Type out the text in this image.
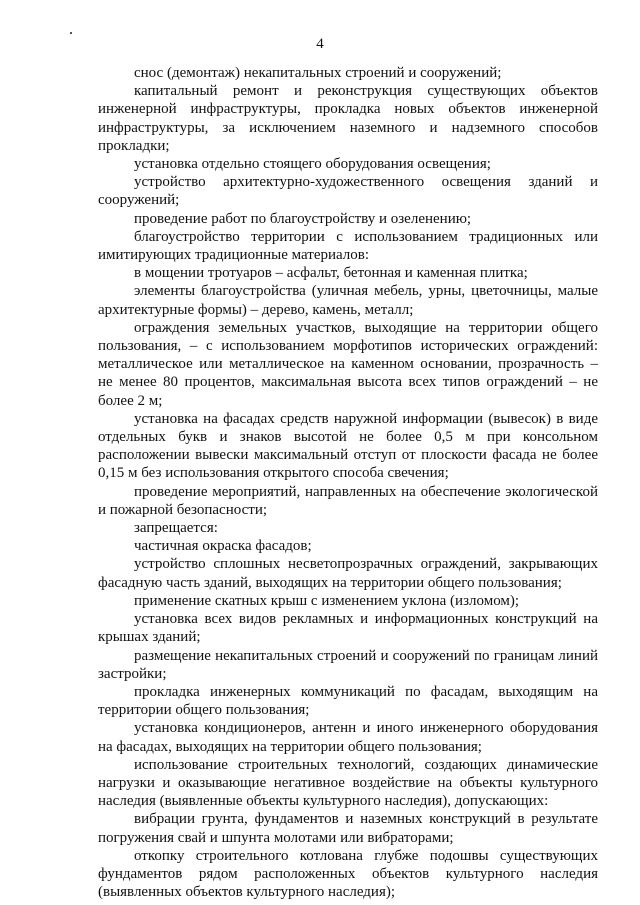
4

снос (демонтаж) некапитальных строений и сооружений;

капитальный ремонт и реконструкция существующих объектов инженерной инфраструктуры, прокладка новых объектов инженерной инфраструктуры, за исключением наземного и надземного способов прокладки;

установка отдельно стоящего оборудования освещения;

устройство архитектурно-художественного освещения зданий и сооружений;

проведение работ по благоустройству и озеленению;

благоустройство территории с использованием традиционных или имитирующих традиционные материалов:

в мощении тротуаров – асфальт, бетонная и каменная плитка;

элементы благоустройства (уличная мебель, урны, цветочницы, малые архитектурные формы) – дерево, камень, металл;

ограждения земельных участков, выходящие на территории общего пользования, – с использованием морфотипов исторических ограждений: металлическое или металлическое на каменном основании, прозрачность – не менее 80 процентов, максимальная высота всех типов ограждений – не более 2 м;

установка на фасадах средств наружной информации (вывесок) в виде отдельных букв и знаков высотой не более 0,5 м при консольном расположении вывески максимальный отступ от плоскости фасада не более 0,15 м без использования открытого способа свечения;

проведение мероприятий, направленных на обеспечение экологической и пожарной безопасности;

запрещается:

частичная окраска фасадов;

устройство сплошных несветопрозрачных ограждений, закрывающих фасадную часть зданий, выходящих на территории общего пользования;

применение скатных крыш с изменением уклона (изломом);

установка всех видов рекламных и информационных конструкций на крышах зданий;

размещение некапитальных строений и сооружений по границам линий застройки;

прокладка инженерных коммуникаций по фасадам, выходящим на территории общего пользования;

установка кондиционеров, антенн и иного инженерного оборудования на фасадах, выходящих на территории общего пользования;

использование строительных технологий, создающих динамические нагрузки и оказывающие негативное воздействие на объекты культурного наследия (выявленные объекты культурного наследия), допускающих:

вибрации грунта, фундаментов и наземных конструкций в результате погружения свай и шпунта молотами или вибраторами;

откопку строительного котлована глубже подошвы существующих фундаментов рядом расположенных объектов культурного наследия (выявленных объектов культурного наследия);
